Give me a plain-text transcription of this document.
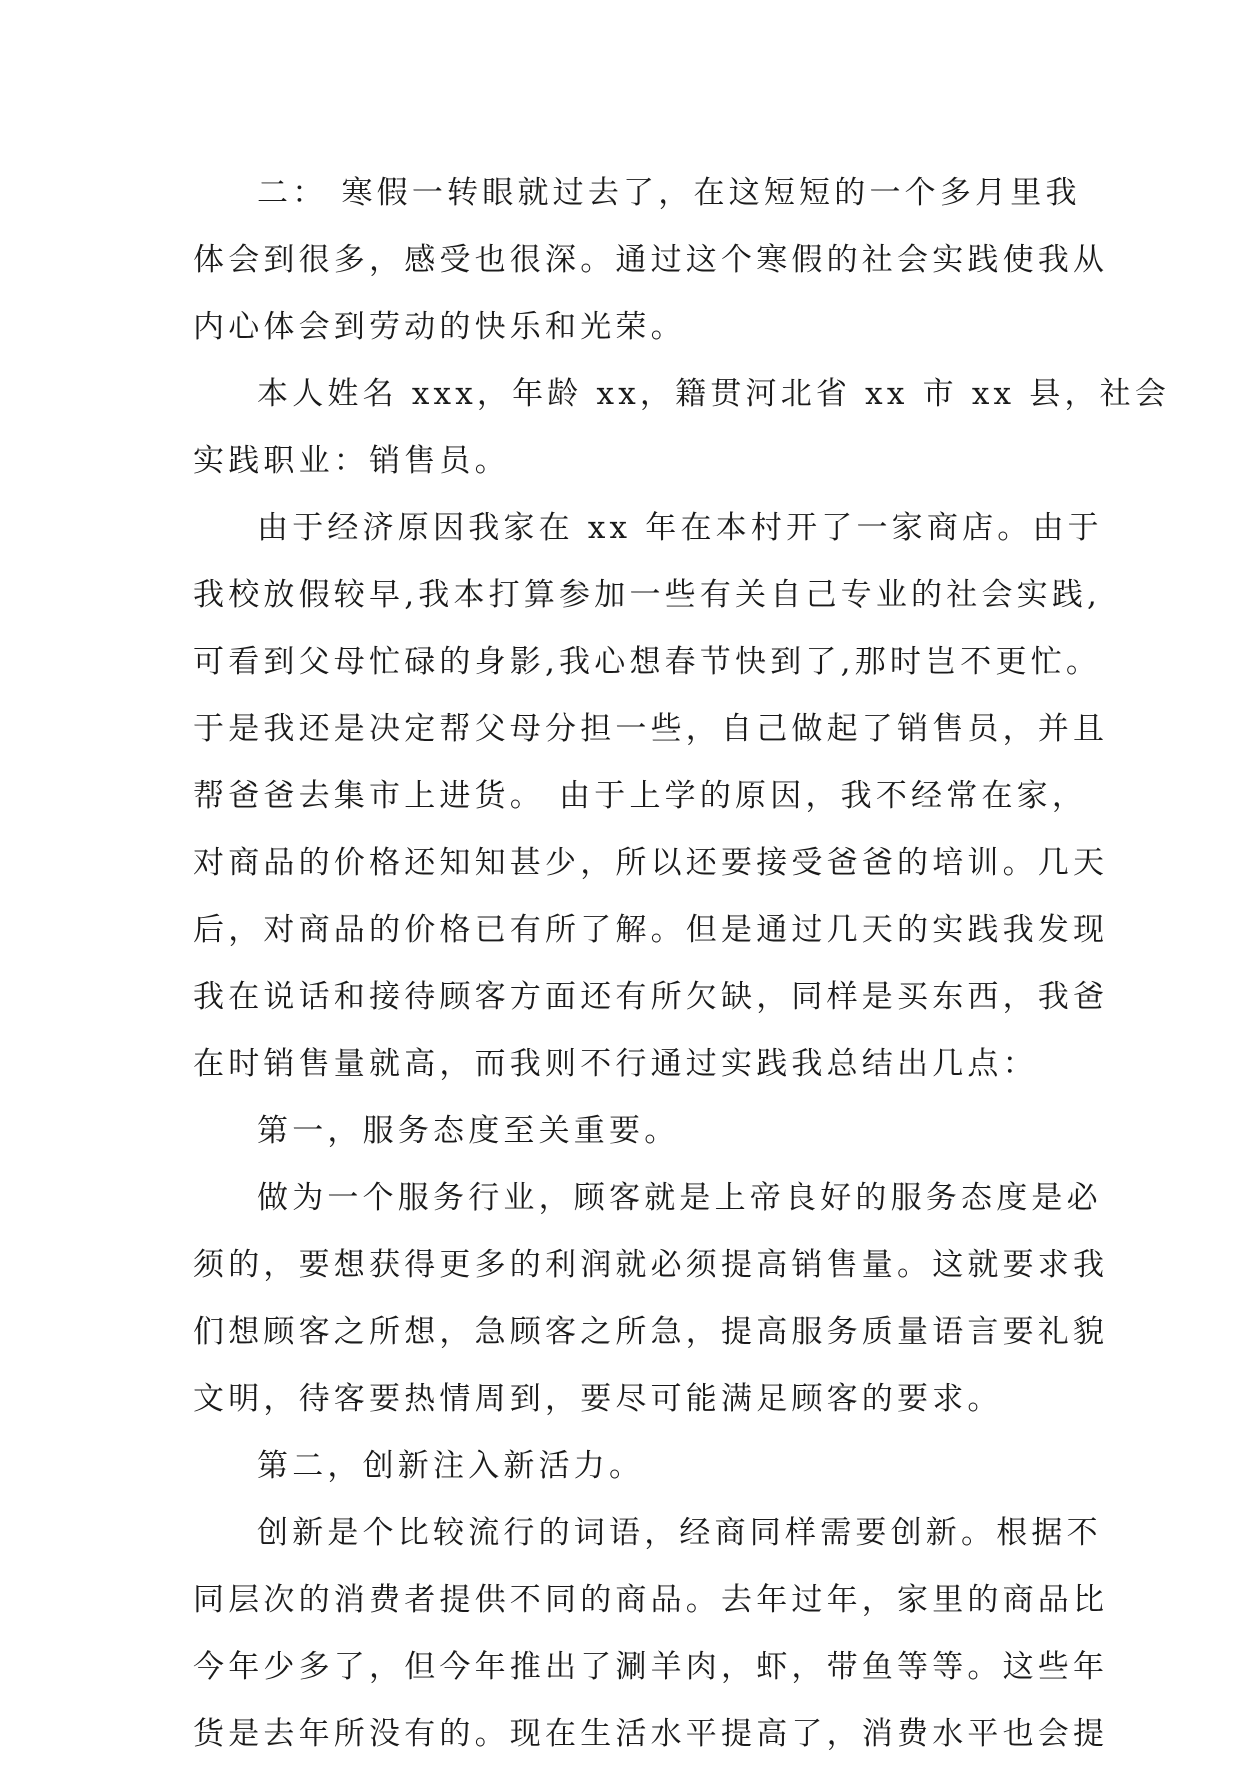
二： 寒假一转眼就过去了，在这短短的一个多月里我
体会到很多，感受也很深。通过这个寒假的社会实践使我从
内心体会到劳动的快乐和光荣。
本人姓名 xxx，年龄 xx，籍贯河北省 xx 市 xx 县，社会
实践职业：销售员。
由于经济原因我家在 xx 年在本村开了一家商店。由于
我校放假较早,我本打算参加一些有关自己专业的社会实践,
可看到父母忙碌的身影,我心想春节快到了,那时岂不更忙。
于是我还是决定帮父母分担一些，自己做起了销售员，并且
帮爸爸去集市上进货。 由于上学的原因，我不经常在家，
对商品的价格还知知甚少，所以还要接受爸爸的培训。几天
后，对商品的价格已有所了解。但是通过几天的实践我发现
我在说话和接待顾客方面还有所欠缺，同样是买东西，我爸
在时销售量就高，而我则不行通过实践我总结出几点：
第一，服务态度至关重要。
做为一个服务行业，顾客就是上帝良好的服务态度是必
须的，要想获得更多的利润就必须提高销售量。这就要求我
们想顾客之所想，急顾客之所急，提高服务质量语言要礼貌
文明，待客要热情周到，要尽可能满足顾客的要求。
第二，创新注入新活力。
创新是个比较流行的词语，经商同样需要创新。根据不
同层次的消费者提供不同的商品。去年过年，家里的商品比
今年少多了，但今年推出了涮羊肉，虾，带鱼等等。这些年
货是去年所没有的。现在生活水平提高了，消费水平也会提
